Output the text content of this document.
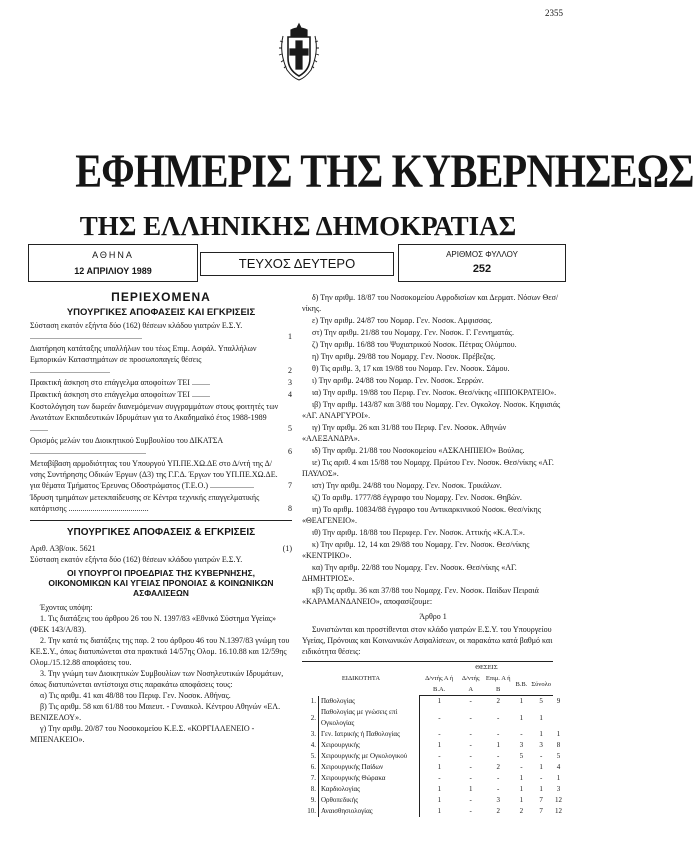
2355
ΕΦΗΜΕΡΙΣ ΤΗΣ ΚΥΒΕΡΝΗΣΕΩΣ
ΤΗΣ ΕΛΛΗΝΙΚΗΣ ΔΗΜΟΚΡΑΤΙΑΣ
ΑΘΗΝΑ
12 ΑΠΡΙΛΙΟΥ 1989	ΤΕΥΧΟΣ ΔΕΥΤΕΡΟ
ΑΡΙΘΜΟΣ ΦΥΛΛΟΥ
252
ΠΕΡΙΕΧΟΜΕΝΑ
ΥΠΟΥΡΓΙΚΕΣ ΑΠΟΦΑΣΕΙΣ ΚΑΙ ΕΓΚΡΙΣΕΙΣ
Σύσταση εκατόν εξήντα δύο (162) θέσεων κλάδου γιατρών Ε.Σ.Υ. ........................................................	1
Διατήρηση κατάταξης υπαλλήλων του τέως Επιμ. Ασφάλ. Υπαλλήλων Εμπορικών Καταστημάτων σε προσωποπαγείς θέσεις ........................................	2
Πρακτική άσκηση στο επάγγελμα αποφοίτων ΤΕΙ .........	3
Πρακτική άσκηση στο επάγγελμα αποφοίτων ΤΕΙ .........	4
Κοστολόγηση των δωρεάν διανεμόμενων συγγραμμάτων στους φοιτητές των Ανωτάτων Εκπαιδευτικών Ιδρυμάτων για το Ακαδημαϊκό έτος 1988-1989 .........	5
Ορισμός μελών του Διοικητικού Συμβουλίου του ΔΙΚΑΤΣΑ ..........................................................	6
Μεταβίβαση αρμοδιότητας του Υπουργού ΥΠ.ΠΕ.ΧΩ.ΔΕ στο Δ/ντή της Δ/νσης Συντήρησης Οδικών Έργων (Δ3) της Γ.Γ.Δ. Έργων του ΥΠ.ΠΕ.ΧΩ.ΔΕ. για θέματα Τμήματος Έρευνας Οδοστρώματος (Τ.Ε.Ο.) ......................	7
Ίδρυση τμημάτων μετεκπαίδευσης σε Κέντρα τεχνικής επαγγελματικής κατάρτισης ........................................	8
ΥΠΟΥΡΓΙΚΕΣ ΑΠΟΦΑΣΕΙΣ & ΕΓΚΡΙΣΕΙΣ
Αριθ. Α3β/οικ. 5621	(1)
Σύσταση εκατόν εξήντα δύο (162) θέσεων κλάδου γιατρών Ε.Σ.Υ.
ΟΙ ΥΠΟΥΡΓΟΙ ΠΡΟΕΔΡΙΑΣ ΤΗΣ ΚΥΒΕΡΝΗΣΗΣ, ΟΙΚΟΝΟΜΙΚΩΝ ΚΑΙ ΥΓΕΙΑΣ ΠΡΟΝΟΙΑΣ & ΚΟΙΝΩΝΙΚΩΝ ΑΣΦΑΛΙΣΕΩΝ
Έχοντας υπόψη:
1. Τις διατάξεις του άρθρου 26 του Ν. 1397/83 «Εθνικό Σύστημα Υγείας» (ΦΕΚ 143/Α/83).
2. Την κατά τις διατάξεις της παρ. 2 του άρθρου 46 του Ν.1397/83 γνώμη του ΚΕ.Σ.Υ., όπως διατυπώνεται στα πρακτικά 14/57ης Ολομ. 16.10.88 και 12/59ης Ολομ./15.12.88 αποφάσεις του.
3. Την γνώμη των Διοικητικών Συμβουλίων των Νοσηλευτικών Ιδρυμάτων, όπως διατυπώνεται αντίστοιχα στις παρακάτω αποφάσεις τους:
α) Τις αριθμ. 41 και 48/88 του Περιφ. Γεν. Νοσοκ. Αθήνας.
β) Τις αριθμ. 58 και 61/88 του Μαιευτ. - Γυναικολ. Κέντρου Αθηνών «ΕΛ. ΒΕΝΙΖΕΛΟΥ».
γ) Την αριθμ. 20/87 του Νοσοκομείου Κ.Ε.Σ. «ΚΟΡΓΙΑΛΕΝΕΙΟ - ΜΠΕΝΑΚΕΙΟ».
δ) Την αριθμ. 18/87 του Νοσοκομείου Αφροδισίων και Δερματ. Νόσων Θεσ/νίκης.
ε) Την αριθμ. 24/87 του Νομαρ. Γεν. Νοσοκ. Αμφισσας.
στ) Την αριθμ. 21/88 του Νομαρχ. Γεν. Νοσοκ. Γ. Γεννηματάς.
ζ) Την αριθμ. 16/88 του Ψυχιατρικού Νοσοκ. Πέτρας Ολύμπου.
η) Την αριθμ. 29/88 του Νομαρχ. Γεν. Νοσοκ. Πρέβεζας.
θ) Τις αριθμ. 3, 17 και 19/88 του Νομαρ. Γεν. Νοσοκ. Σάμου.
ι) Την αριθμ. 24/88 του Νομαρ. Γεν. Νοσοκ. Σερρών.
ια) Την αριθμ. 19/88 του Περιφ. Γεν. Νοσοκ. Θεσ/νίκης «ΙΠΠΟΚΡΑΤΕΙΟ».
ιβ) Την αριθμ. 143/87 και 3/88 του Νομαρχ. Γεν. Ογκολογ. Νοσοκ. Κηφισιάς «ΑΓ. ΑΝΑΡΓΥΡΟΙ».
ιγ) Την αριθμ. 26 και 31/88 του Περιφ. Γεν. Νοσοκ. Αθηνών «ΑΛΕΞΑΝΔΡΑ».
ιδ) Την αριθμ. 21/88 του Νοσοκομείου «ΑΣΚΛΗΠΙΕΙΟ» Βούλας.
ιε) Τις αριθ. 4 και 15/88 του Νομαρχ. Πρώτου Γεν. Νοσοκ. Θεσ/νίκης «ΑΓ. ΠΑΥΛΟΣ».
ιστ) Την αριθμ. 24/88 του Νομαρχ. Γεν. Νοσοκ. Τρικάλων.
ιζ) Το αριθμ. 1777/88 έγγραφο του Νομαρχ. Γεν. Νοσοκ. Θηβών.
ιη) Το αριθμ. 10834/88 έγγραφο του Αντικαρκινικού Νοσοκ. Θεσ/νίκης «ΘΕΑΓΕΝΕΙΟ».
ιθ) Την αριθμ. 18/88 του Περιφερ. Γεν. Νοσοκ. Αττικής «Κ.Α.Τ.».
κ) Την αριθμ. 12, 14 και 29/88 του Νομαρχ. Γεν. Νοσοκ. Θεσ/νίκης «ΚΕΝΤΡΙΚΟ».
κα) Την αριθμ. 22/88 του Νομαρχ. Γεν. Νοσοκ. Θεσ/νίκης «ΑΓ. ΔΗΜΗΤΡΙΟΣ».
κβ) Τις αριθμ. 36 και 37/88 του Νομαρχ. Γεν. Νοσοκ. Παίδων Πειραιά «ΚΑΡΑΜΑΝΔΑΝΕΙΟ», αποφασίζουμε:
Άρθρο 1
Συνιστώνται και προστίθενται στον κλάδο γιατρών Ε.Σ.Υ. του Υπουργείου Υγείας, Πρόνοιας και Κοινωνικών Ασφαλίσεων, οι παρακάτω κατά βαθμό και ειδικότητα θέσεις:
ΕΙΔΙΚΟΤΗΤΑ		ΘΕΣΕΙΣ					
		Δ/ντής Α ή Β.Α.	Δ/ντής Α	Επιμ. Α ή Β	Β.Β.	Σύνολο	
1.	Παθολογίας	1	-	2	1	5	9
2.	Παθολογίας με γνώσεις επί Ογκολογίας	-	-	-	1	1	
3.	Γεν. Ιατρικής ή Παθολογίας	-	-	-	-	1	1
4.	Χειρουργικής	1	-	1	3	3	8
5.	Χειρουργικής με Ογκολογικού	-	-	-	5	-	5
6.	Χειρουργικής Παίδων	1	-	2	-	1	4
7.	Χειρουργικής Θώρακα	-	-	-	1	-	1
8.	Καρδιολογίας	1	1	-	1	1	3
9.	Ορθοπεδικής	1	-	3	1	7	12
10.	Αναισθησιολογίας	1	-	2	2	7	12
